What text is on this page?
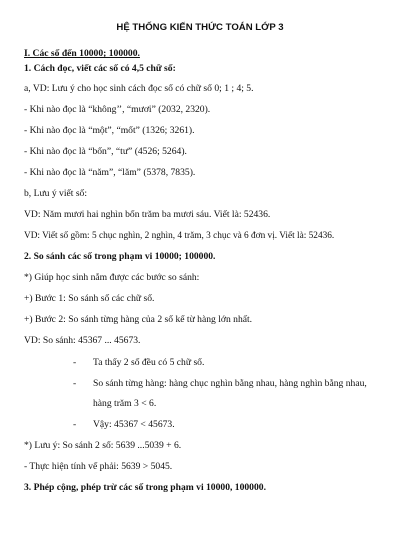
HỆ THỐNG KIẾN THỨC TOÁN LỚP 3
I. Các số đến 10000; 100000.
1. Cách đọc, viết các số có 4,5 chữ số:
a, VD: Lưu ý cho học sinh cách đọc số có chữ số 0; 1 ; 4; 5.
- Khi nào đọc là “không’’, “mươi” (2032, 2320).
- Khi nào đọc là “một”, “mốt” (1326; 3261).
- Khi nào đọc là “bốn”, “tư” (4526; 5264).
- Khi nào đọc là “năm”, “lăm” (5378, 7835).
b, Lưu ý viết số:
VD: Năm mươi hai nghìn bốn trăm ba mươi sáu. Viết là: 52436.
VD: Viết số gồm: 5 chục nghìn, 2 nghìn, 4 trăm, 3 chục và 6 đơn vị. Viết là: 52436.
2. So sánh các số trong phạm vi 10000; 100000.
*) Giúp học sinh nắm được các bước so sánh:
+) Bước 1: So sánh số các chữ số.
+) Bước 2: So sánh từng hàng của 2 số kể từ hàng lớn nhất.
VD: So sánh: 45367 ... 45673.
- Ta thấy 2 số đều có 5 chữ số.
- So sánh từng hàng: hàng chục nghìn bằng nhau, hàng nghìn bằng nhau,
hàng trăm 3 < 6.
- Vậy: 45367 < 45673.
*) Lưu ý: So sánh 2 số: 5639 ...5039 + 6.
- Thực hiện tính vế phải: 5639 > 5045.
3. Phép cộng, phép trừ các số trong phạm vi 10000, 100000.
